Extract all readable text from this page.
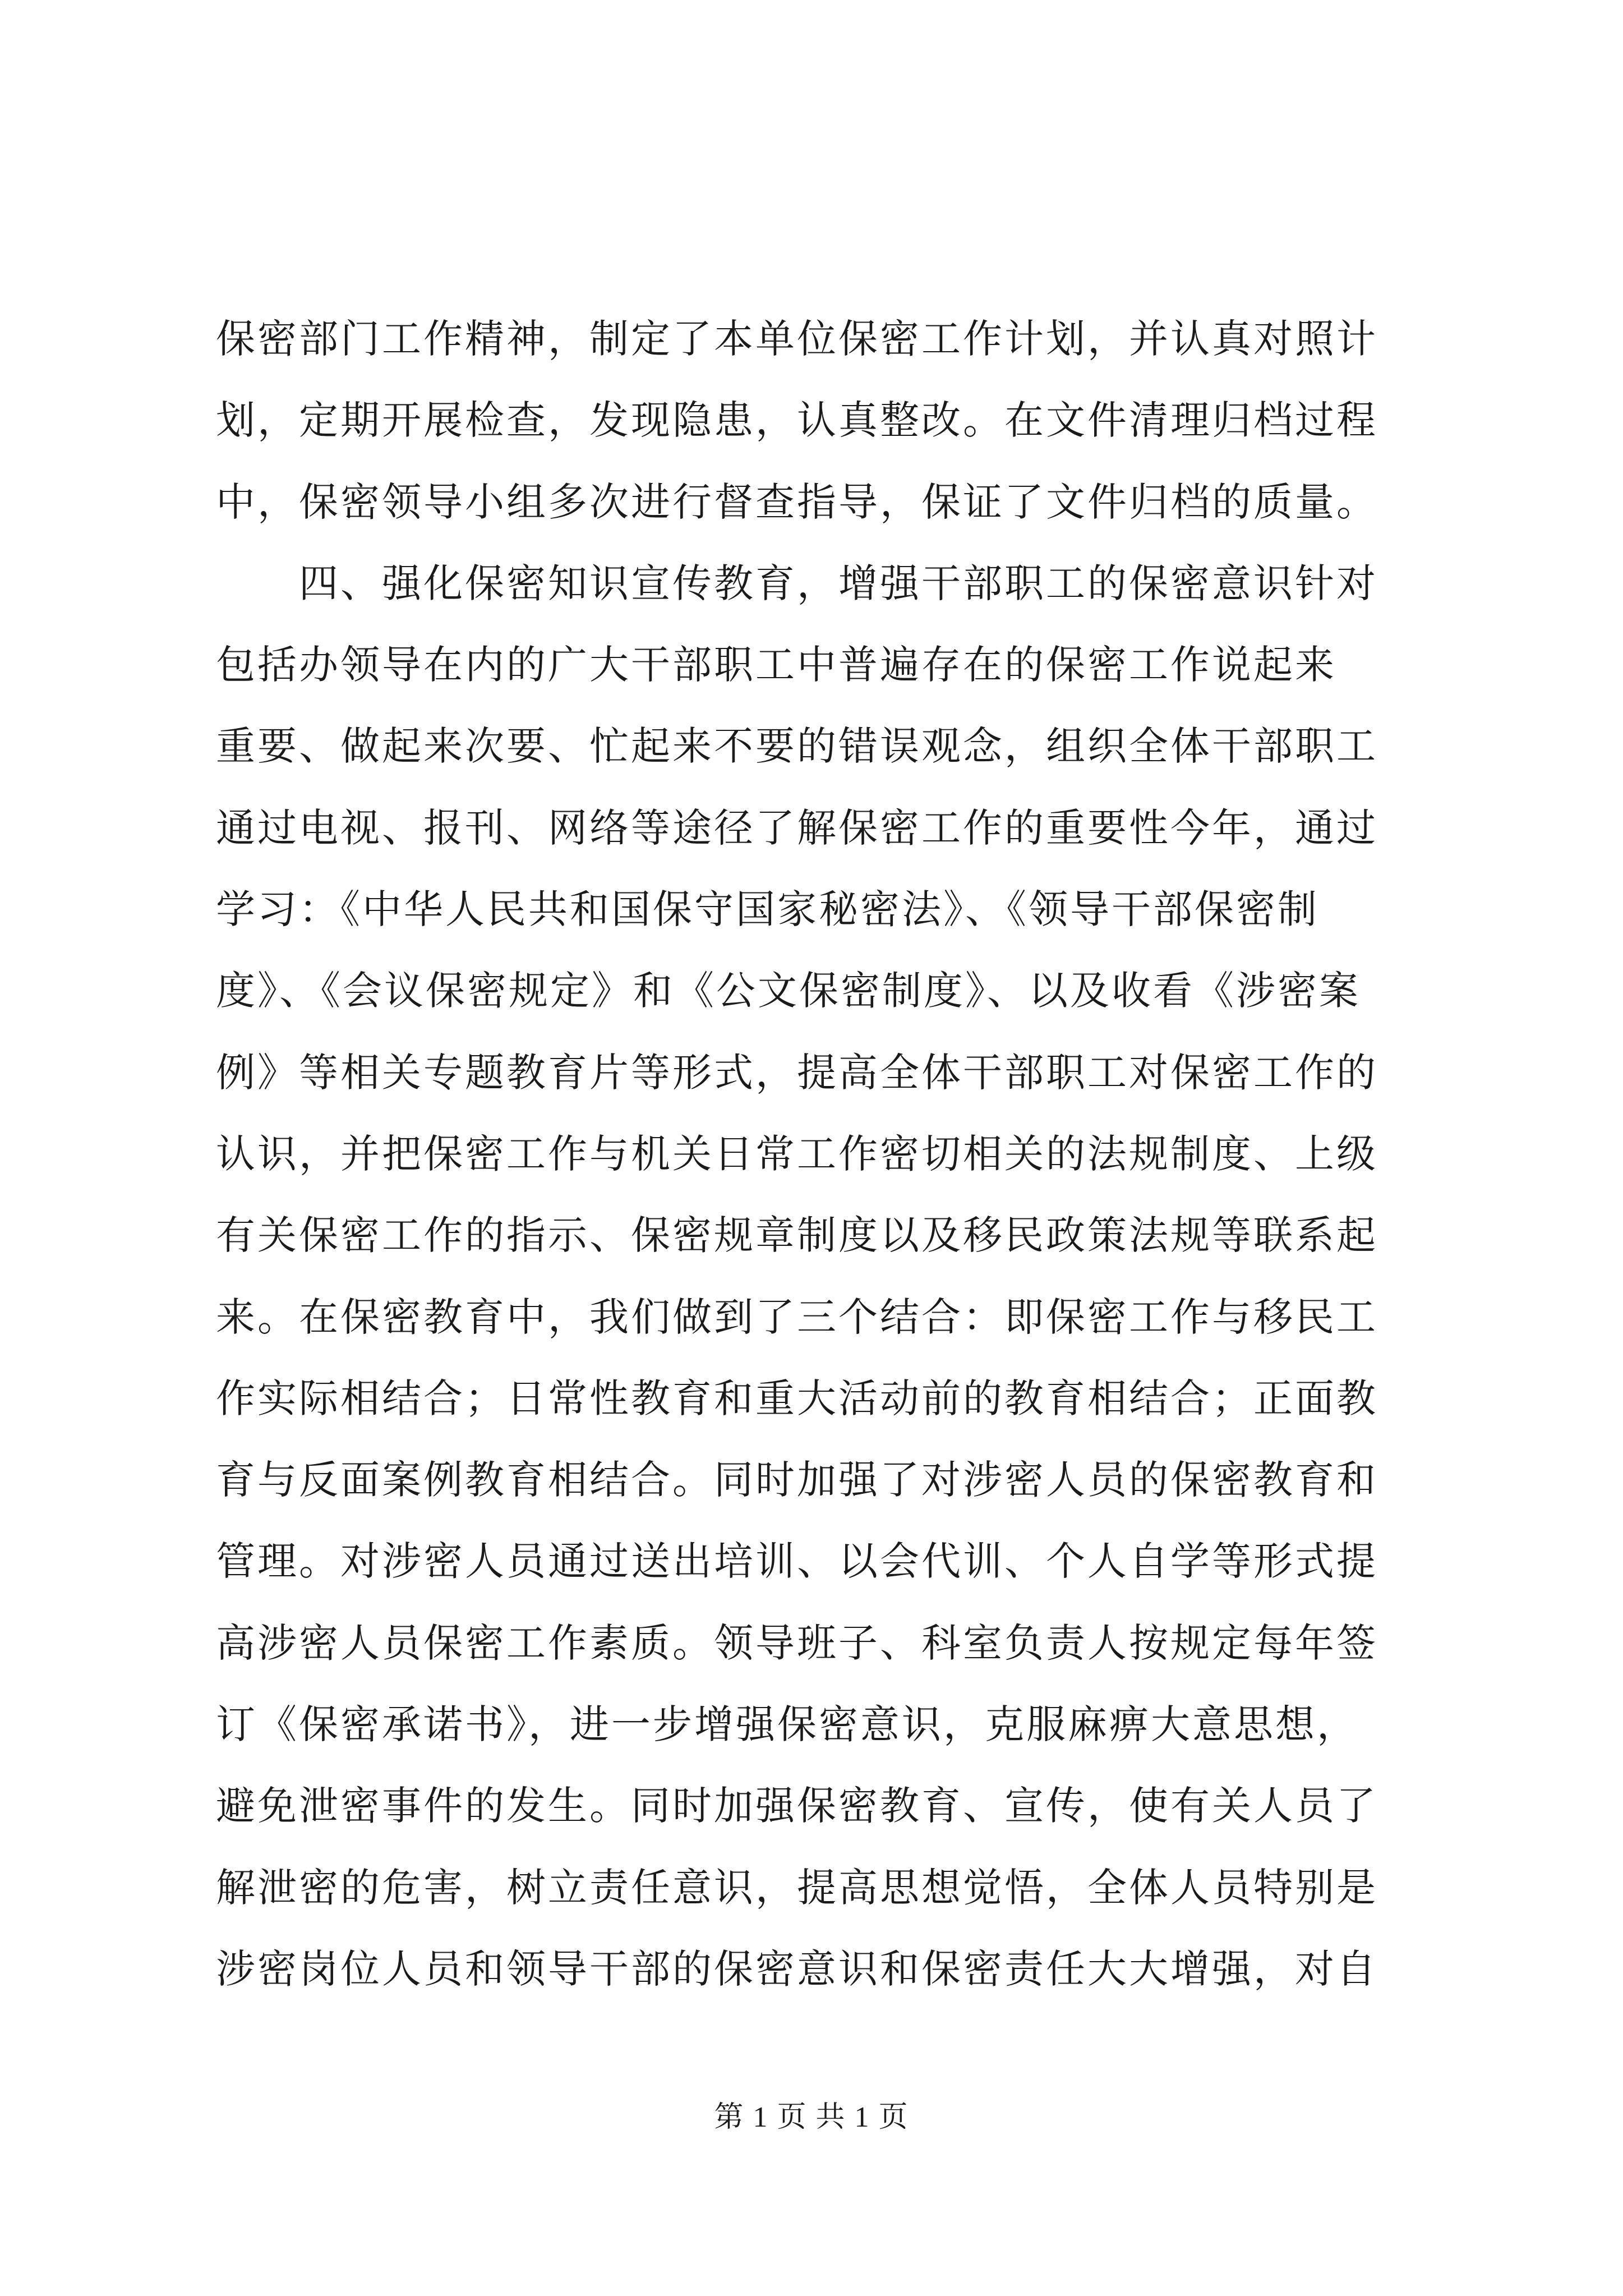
保密部门工作精神，制定了本单位保密工作计划，并认真对照计
划，定期开展检查，发现隐患，认真整改。在文件清理归档过程
中，保密领导小组多次进行督查指导，保证了文件归档的质量。
　　四、强化保密知识宣传教育，增强干部职工的保密意识针对
包括办领导在内的广大干部职工中普遍存在的保密工作说起来
重要、做起来次要、忙起来不要的错误观念，组织全体干部职工
通过电视、报刊、网络等途径了解保密工作的重要性今年，通过
学习：《中华人民共和国保守国家秘密法》、《领导干部保密制
度》、《会议保密规定》和《公文保密制度》、以及收看《涉密案
例》等相关专题教育片等形式，提高全体干部职工对保密工作的
认识，并把保密工作与机关日常工作密切相关的法规制度、上级
有关保密工作的指示、保密规章制度以及移民政策法规等联系起
来。在保密教育中，我们做到了三个结合：即保密工作与移民工
作实际相结合；日常性教育和重大活动前的教育相结合；正面教
育与反面案例教育相结合。同时加强了对涉密人员的保密教育和
管理。对涉密人员通过送出培训、以会代训、个人自学等形式提
高涉密人员保密工作素质。领导班子、科室负责人按规定每年签
订《保密承诺书》，进一步增强保密意识，克服麻痹大意思想，
避免泄密事件的发生。同时加强保密教育、宣传，使有关人员了
解泄密的危害，树立责任意识，提高思想觉悟，全体人员特别是
涉密岗位人员和领导干部的保密意识和保密责任大大增强，对自
第 1 页 共 1 页
